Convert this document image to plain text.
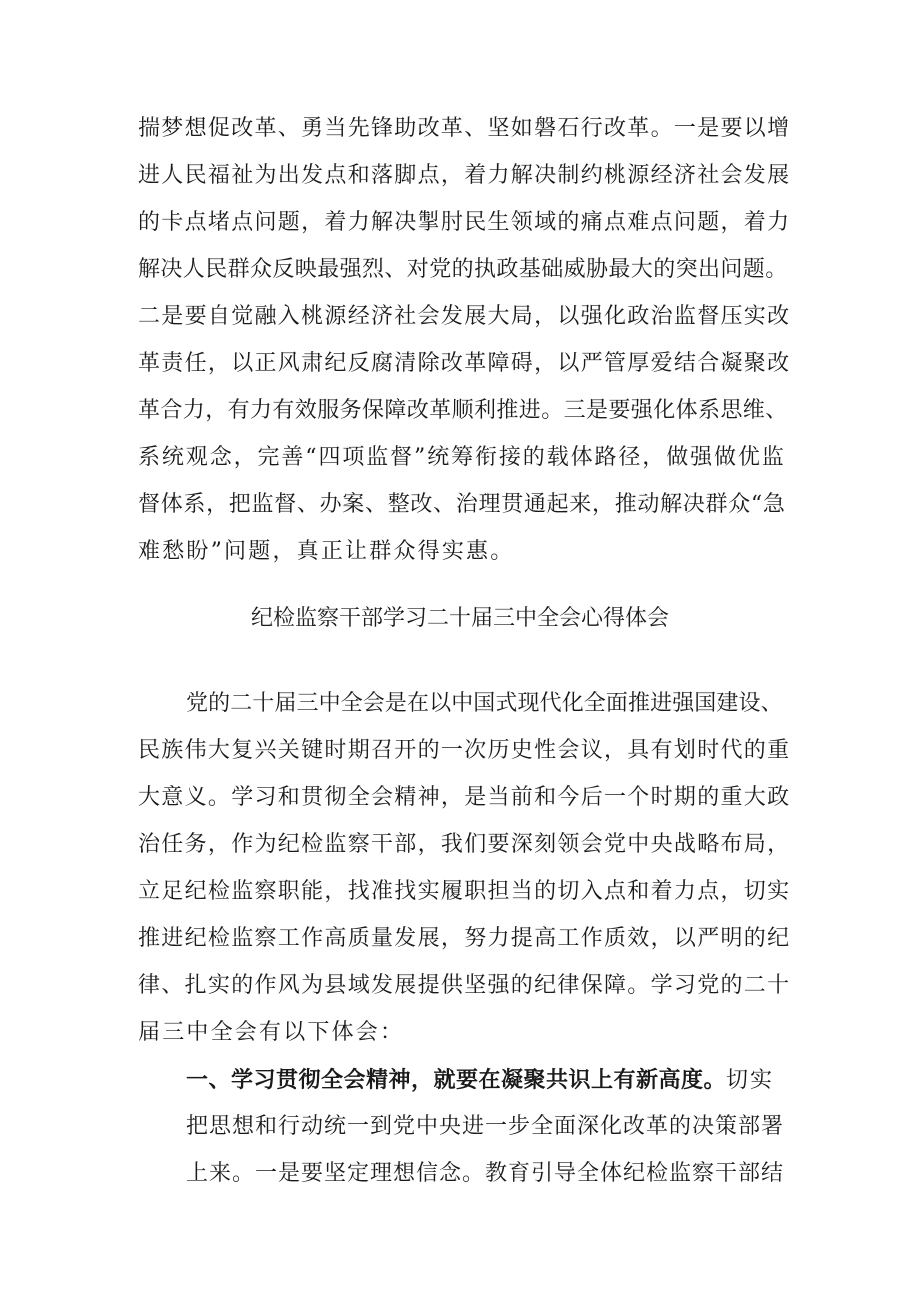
揣梦想促改革、勇当先锋助改革、坚如磐石行改革。一是要以增
进人民福祉为出发点和落脚点，着力解决制约桃源经济社会发展
的卡点堵点问题，着力解决掣肘民生领域的痛点难点问题，着力
解决人民群众反映最强烈、对党的执政基础威胁最大的突出问题。
二是要自觉融入桃源经济社会发展大局，以强化政治监督压实改
革责任，以正风肃纪反腐清除改革障碍，以严管厚爱结合凝聚改
革合力，有力有效服务保障改革顺利推进。三是要强化体系思维、
系统观念，完善“四项监督”统筹衔接的载体路径，做强做优监
督体系，把监督、办案、整改、治理贯通起来，推动解决群众“急
难愁盼”问题，真正让群众得实惠。
纪检监察干部学习二十届三中全会心得体会
党的二十届三中全会是在以中国式现代化全面推进强国建设、
民族伟大复兴关键时期召开的一次历史性会议，具有划时代的重
大意义。学习和贯彻全会精神，是当前和今后一个时期的重大政
治任务，作为纪检监察干部，我们要深刻领会党中央战略布局，
立足纪检监察职能，找准找实履职担当的切入点和着力点，切实
推进纪检监察工作高质量发展，努力提高工作质效，以严明的纪
律、扎实的作风为县域发展提供坚强的纪律保障。学习党的二十
届三中全会有以下体会：
一、学习贯彻全会精神，就要在凝聚共识上有新高度。切实
把思想和行动统一到党中央进一步全面深化改革的决策部署
上来。一是要坚定理想信念。教育引导全体纪检监察干部结
